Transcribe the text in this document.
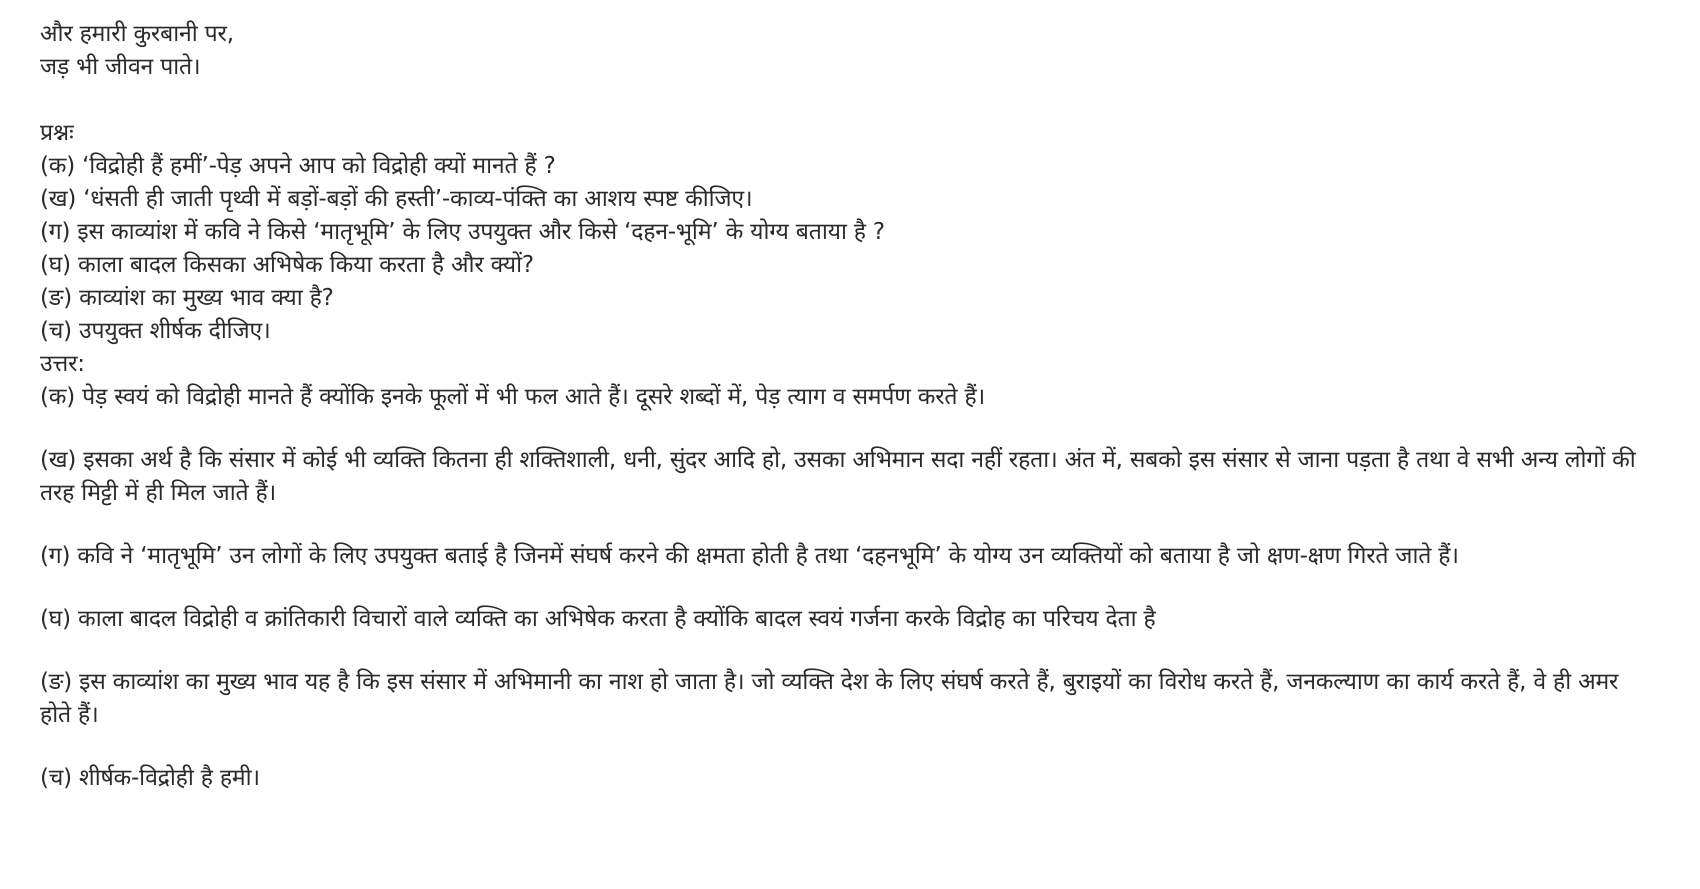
और हमारी कुरबानी पर,
जड़ भी जीवन पाते।
प्रश्नः
(क) ‘विद्रोही हैं हमीं’-पेड़ अपने आप को विद्रोही क्यों मानते हैं ?
(ख) ‘धंसती ही जाती पृथ्वी में बड़ों-बड़ों की हस्ती’-काव्य-पंक्ति का आशय स्पष्ट कीजिए।
(ग) इस काव्यांश में कवि ने किसे ‘मातृभूमि’ के लिए उपयुक्त और किसे ‘दहन-भूमि’ के योग्य बताया है ?
(घ) काला बादल किसका अभिषेक किया करता है और क्यों?
(ङ) काव्यांश का मुख्य भाव क्या है?
(च) उपयुक्त शीर्षक दीजिए।
उत्तर:
(क) पेड़ स्वयं को विद्रोही मानते हैं क्योंकि इनके फूलों में भी फल आते हैं। दूसरे शब्दों में, पेड़ त्याग व समर्पण करते हैं।
(ख) इसका अर्थ है कि संसार में कोई भी व्यक्ति कितना ही शक्तिशाली, धनी, सुंदर आदि हो, उसका अभिमान सदा नहीं रहता। अंत में, सबको इस संसार से जाना पड़ता है तथा वे सभी अन्य लोगों की तरह मिट्टी में ही मिल जाते हैं।
(ग) कवि ने ‘मातृभूमि’ उन लोगों के लिए उपयुक्त बताई है जिनमें संघर्ष करने की क्षमता होती है तथा ‘दहनभूमि’ के योग्य उन व्यक्तियों को बताया है जो क्षण-क्षण गिरते जाते हैं।
(घ) काला बादल विद्रोही व क्रांतिकारी विचारों वाले व्यक्ति का अभिषेक करता है क्योंकि बादल स्वयं गर्जना करके विद्रोह का परिचय देता है
(ङ) इस काव्यांश का मुख्य भाव यह है कि इस संसार में अभिमानी का नाश हो जाता है। जो व्यक्ति देश के लिए संघर्ष करते हैं, बुराइयों का विरोध करते हैं, जनकल्याण का कार्य करते हैं, वे ही अमर होते हैं।
(च) शीर्षक-विद्रोही है हमी।
